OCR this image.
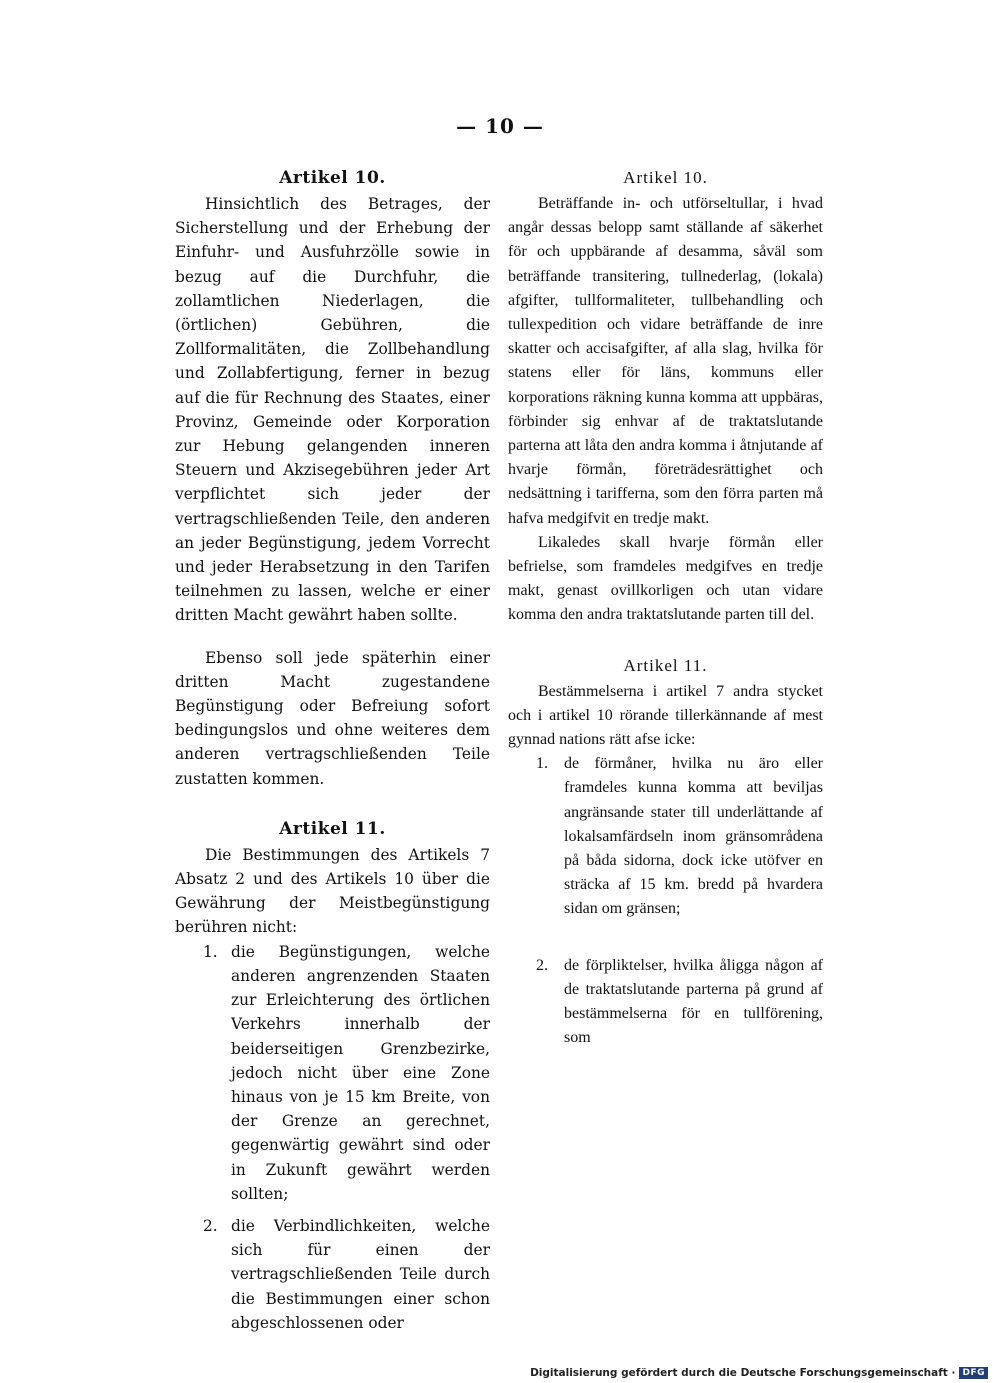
— 10 —
Artikel 10.

Hinsichtlich des Betrages, der Sicherstellung und der Erhebung der Einfuhr- und Ausfuhrzölle sowie in bezug auf die Durchfuhr, die zollamtlichen Niederlagen, die (örtlichen) Gebühren, die Zollformalitäten, die Zollbehandlung und Zollabfertigung, ferner in bezug auf die für Rechnung des Staates, einer Provinz, Gemeinde oder Korporation zur Hebung gelangenden inneren Steuern und Akzisegebühren jeder Art verpflichtet sich jeder der vertragschließenden Teile, den anderen an jeder Begünstigung, jedem Vorrecht und jeder Herabsetzung in den Tarifen teilnehmen zu lassen, welche er einer dritten Macht gewährt haben sollte.

Ebenso soll jede späterhin einer dritten Macht zugestandene Begünstigung oder Befreiung sofort bedingungslos und ohne weiteres dem anderen vertragschließenden Teile zustatten kommen.

Artikel 11.

Die Bestimmungen des Artikels 7 Absatz 2 und des Artikels 10 über die Gewährung der Meistbegünstigung berühren nicht:

1. die Begünstigungen, welche anderen angrenzenden Staaten zur Erleichterung des örtlichen Verkehrs innerhalb der beiderseitigen Grenzbezirke, jedoch nicht über eine Zone hinaus von je 15 km Breite, von der Grenze an gerechnet, gegenwärtig gewährt sind oder in Zukunft gewährt werden sollten;
2. die Verbindlichkeiten, welche sich für einen der vertragschließenden Teile durch die Bestimmungen einer schon abgeschlossenen oder
Artikel 10.

Beträffande in- och utförseltullar, i hvad angår dessas belopp samt ställande af säkerhet för och uppbärande af desamma, såväl som beträffande transitering, tullnederlag, (lokala) afgifter, tullformaliteter, tullbehandling och tullexpedition och vidare beträffande de inre skatter och accisafgifter, af alla slag, hvilka för statens eller för läns, kommuns eller korporations räkning kunna komma att uppbäras, förbinder sig enhvar af de traktatslutande parterna att låta den andra komma i åtnjutande af hvarje förmån, företrädesrättighet och nedsättning i tarifferna, som den förra parten må hafva medgifvit en tredje makt.

Likaledes skall hvarje förmån eller befrielse, som framdeles medgifves en tredje makt, genast ovillkorligen och utan vidare komma den andra traktatslutande parten till del.

Artikel 11.

Bestämmelserna i artikel 7 andra stycket och i artikel 10 rörande tillerkännande af mest gynnad nations rätt afse icke:

1. de förmåner, hvilka nu äro eller framdeles kunna komma att beviljas angränsande stater till underlättande af lokalsamfärdseln inom gränsområdena på båda sidorna, dock icke utöfver en sträcka af 15 km. bredd på hvardera sidan om gränsen;
2. de förpliktelser, hvilka åligga någon af de traktatslutande parterna på grund af bestämmelserna för en tullförening, som
Digitalisierung gefördert durch die Deutsche Forschungsgemeinschaft · DFG
